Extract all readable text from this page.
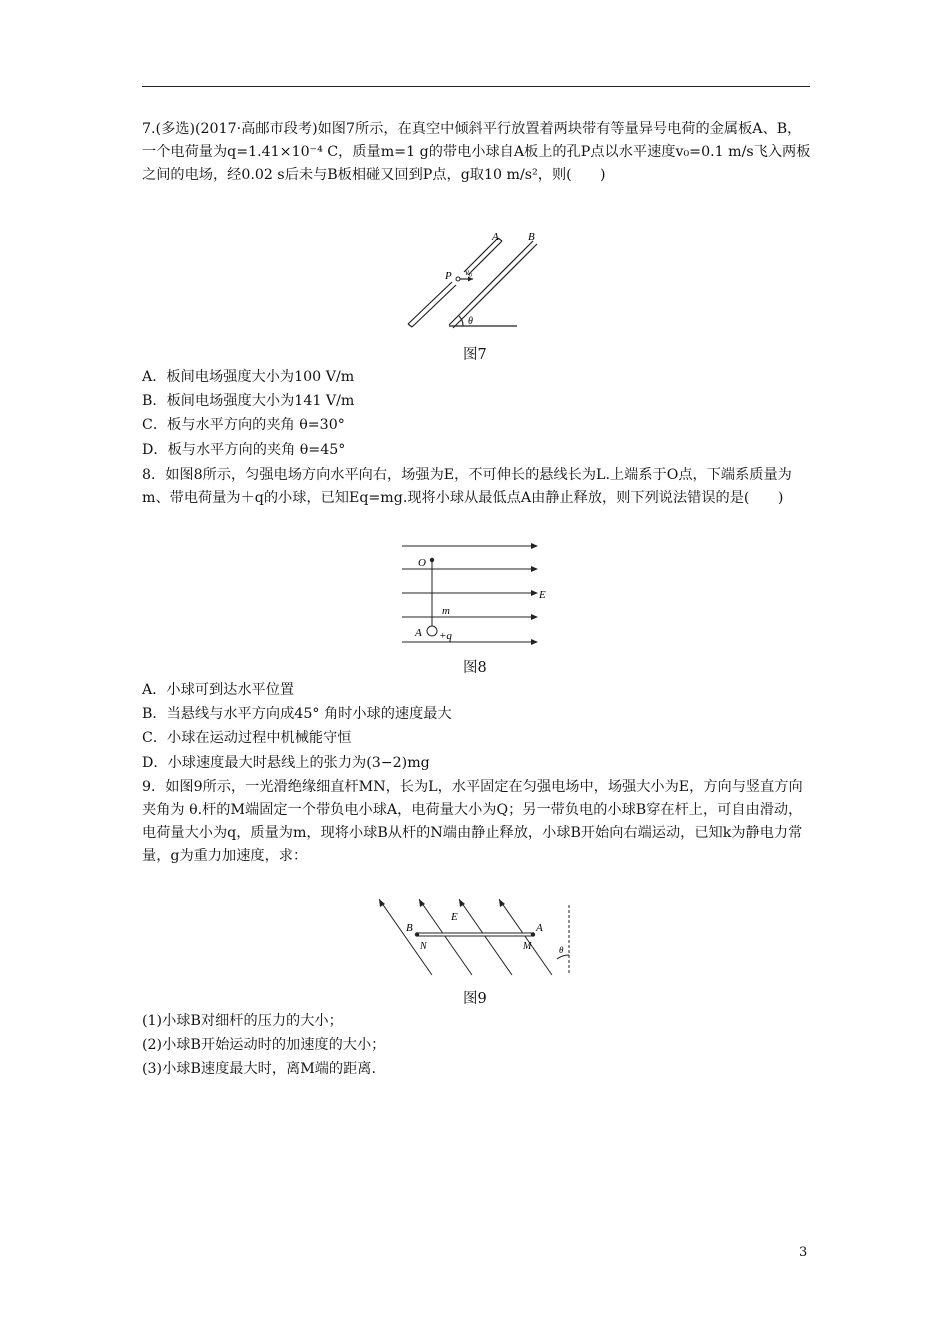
7.(多选)(2017·高邮市段考)如图7所示，在真空中倾斜平行放置着两块带有等量异号电荷的金属板A、B，一个电荷量为q=1.41×10⁻⁴ C，质量m=1 g的带电小球自A板上的孔P点以水平速度v₀=0.1 m/s飞入两板之间的电场，经0.02 s后未与B板相碰又回到P点，g取10 m/s²，则(　　)
A	B
P v₀
θ
图7
A．板间电场强度大小为100 V/m
B．板间电场强度大小为141 V/m
C．板与水平方向的夹角 θ=30°
D．板与水平方向的夹角 θ=45°
8．如图8所示，匀强电场方向水平向右，场强为E，不可伸长的悬线长为L.上端系于O点，下端系质量为m、带电荷量为＋q的小球，已知Eq=mg.现将小球从最低点A由静止释放，则下列说法错误的是(　　)
O
E
m
A +q
图8
A．小球可到达水平位置
B．当悬线与水平方向成45° 角时小球的速度最大
C．小球在运动过程中机械能守恒
D．小球速度最大时悬线上的张力为(3−2)mg
9．如图9所示，一光滑绝缘细直杆MN，长为L，水平固定在匀强电场中，场强大小为E，方向与竖直方向夹角为 θ.杆的M端固定一个带负电小球A，电荷量大小为Q；另一带负电的小球B穿在杆上，可自由滑动，电荷量大小为q，质量为m，现将小球B从杆的N端由静止释放，小球B开始向右端运动，已知k为静电力常量，g为重力加速度，求：
B
N
E
A
M	θ
图9
(1)小球B对细杆的压力的大小；
(2)小球B开始运动时的加速度的大小；
(3)小球B速度最大时，离M端的距离.
3
